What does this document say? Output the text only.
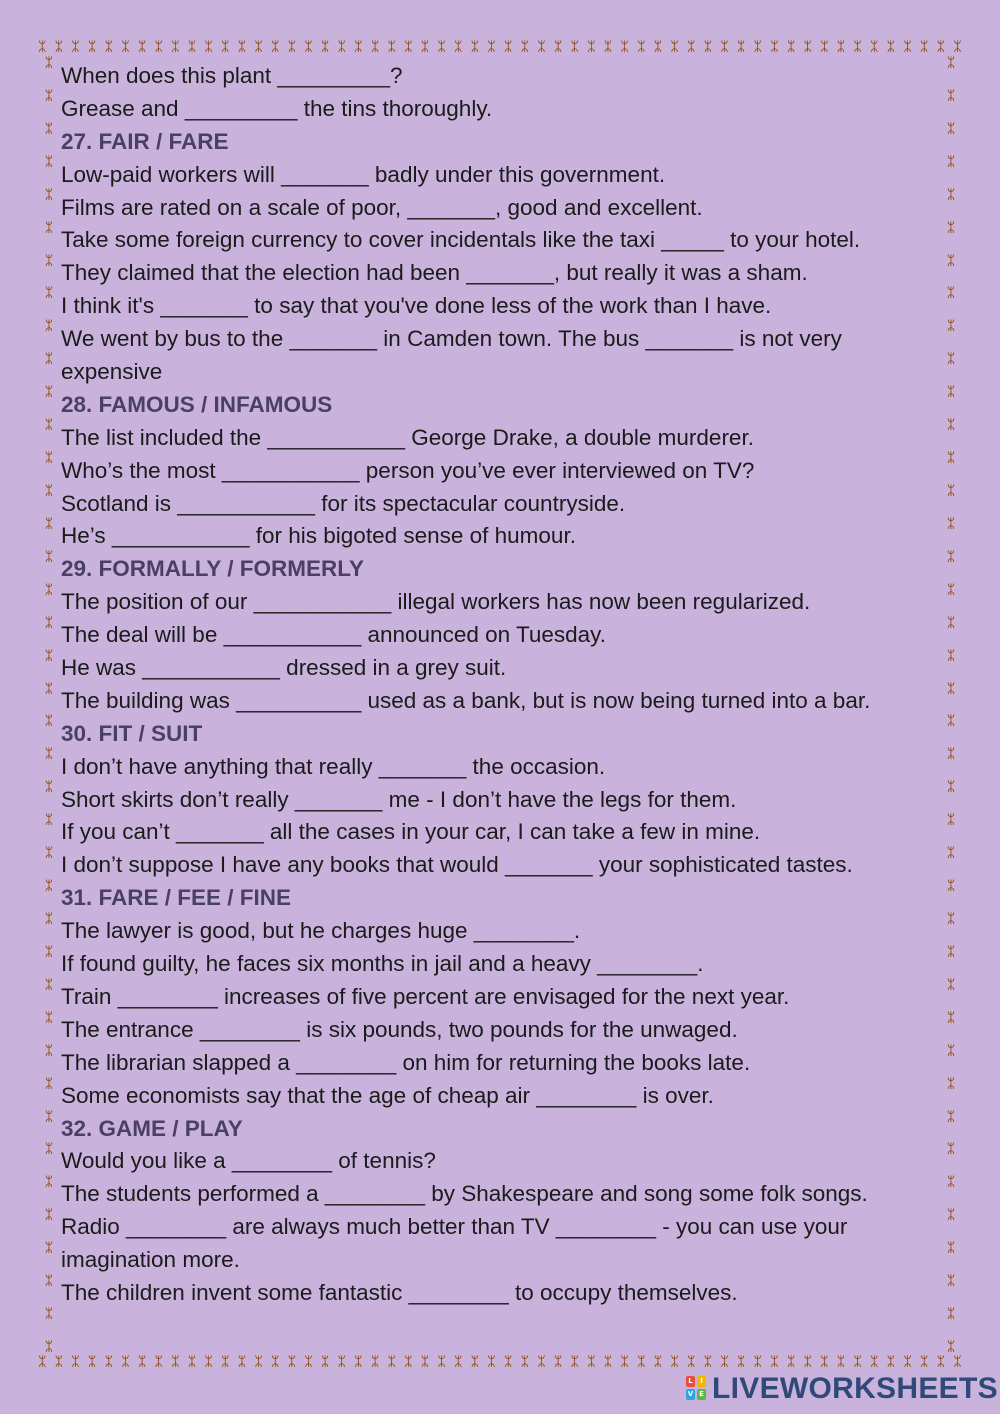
ᛯ ᛯ ᛯ ᛯ ᛯ ᛯ ᛯ ᛯ ᛯ ᛯ ᛯ ᛯ ᛯ ᛯ ᛯ ᛯ ᛯ ᛯ ᛯ ᛯ ᛯ ᛯ ᛯ ᛯ ᛯ ᛯ ᛯ ᛯ ᛯ ᛯ ᛯ ᛯ ᛯ ᛯ ᛯ ᛯ ᛯ ᛯ ᛯ ᛯ ᛯ ᛯ ᛯ ᛯ ᛯ ᛯ ᛯ ᛯ ᛯ ᛯ ᛯ ᛯ ᛯ ᛯ ᛯ ᛯ
ᛯ ᛯ ᛯ ᛯ ᛯ ᛯ ᛯ ᛯ ᛯ ᛯ ᛯ ᛯ ᛯ ᛯ ᛯ ᛯ ᛯ ᛯ ᛯ ᛯ ᛯ ᛯ ᛯ ᛯ ᛯ ᛯ ᛯ ᛯ ᛯ ᛯ ᛯ ᛯ ᛯ ᛯ ᛯ ᛯ ᛯ ᛯ ᛯ ᛯ ᛯ ᛯ ᛯ ᛯ ᛯ ᛯ ᛯ ᛯ ᛯ ᛯ ᛯ ᛯ ᛯ ᛯ ᛯ ᛯ
ᛯ
ᛯ
ᛯ
ᛯ
ᛯ
ᛯ
ᛯ
ᛯ
ᛯ
ᛯ
ᛯ
ᛯ
ᛯ
ᛯ
ᛯ
ᛯ
ᛯ
ᛯ
ᛯ
ᛯ
ᛯ
ᛯ
ᛯ
ᛯ
ᛯ
ᛯ
ᛯ
ᛯ
ᛯ
ᛯ
ᛯ
ᛯ
ᛯ
ᛯ
ᛯ
ᛯ
ᛯ
ᛯ
ᛯ
ᛯ
ᛯ
ᛯ
ᛯ
ᛯ
ᛯ
ᛯ
ᛯ
ᛯ
ᛯ
ᛯ
ᛯ
ᛯ
ᛯ
ᛯ
ᛯ
ᛯ
ᛯ
ᛯ
ᛯ
ᛯ
ᛯ
ᛯ
ᛯ
ᛯ
ᛯ
ᛯ
ᛯ
ᛯ
ᛯ
ᛯ
ᛯ
ᛯ
ᛯ
ᛯ
ᛯ
ᛯ
ᛯ
ᛯ
ᛯ
ᛯ
When does this plant _________?
Grease and _________ the tins thoroughly.
27. FAIR / FARE
Low-paid workers will _______ badly under this government.
Films are rated on a scale of poor, _______, good and excellent.
Take some foreign currency to cover incidentals like the taxi _____ to your hotel.
They claimed that the election had been _______, but really it was a sham.
I think it's _______ to say that you've done less of the work than I have.
We went by bus to the _______ in Camden town. The bus _______ is not very
expensive
28. FAMOUS / INFAMOUS
The list included the ___________ George Drake, a double murderer.
Who’s the most ___________ person you’ve ever interviewed on TV?
Scotland is ___________ for its spectacular countryside.
He’s ___________ for his bigoted sense of humour.
29. FORMALLY / FORMERLY
The position of our ___________ illegal workers has now been regularized.
The deal will be ___________ announced on Tuesday.
He was ___________ dressed in a grey suit.
The building was __________ used as a bank, but is now being turned into a bar.
30. FIT / SUIT
I don’t have anything that really _______ the occasion.
Short skirts don’t really _______ me - I don’t have the legs for them.
If you can’t _______ all the cases in your car, I can take a few in mine.
I don’t suppose I have any books that would _______ your sophisticated tastes.
31. FARE / FEE / FINE
The lawyer is good, but he charges huge ________.
If found guilty, he faces six months in jail and a heavy ________.
Train ________ increases of five percent are envisaged for the next year.
The entrance ________ is six pounds, two pounds for the unwaged.
The librarian slapped a ________ on him for returning the books late.
Some economists say that the age of cheap air ________ is over.
32. GAME / PLAY
Would you like a ________ of tennis?
The students performed a ________ by Shakespeare and song some folk songs.
Radio ________ are always much better than TV ________ - you can use your
imagination more.
The children invent some fantastic ________ to occupy themselves.
L	I
V E LIVEWORKSHEETS
